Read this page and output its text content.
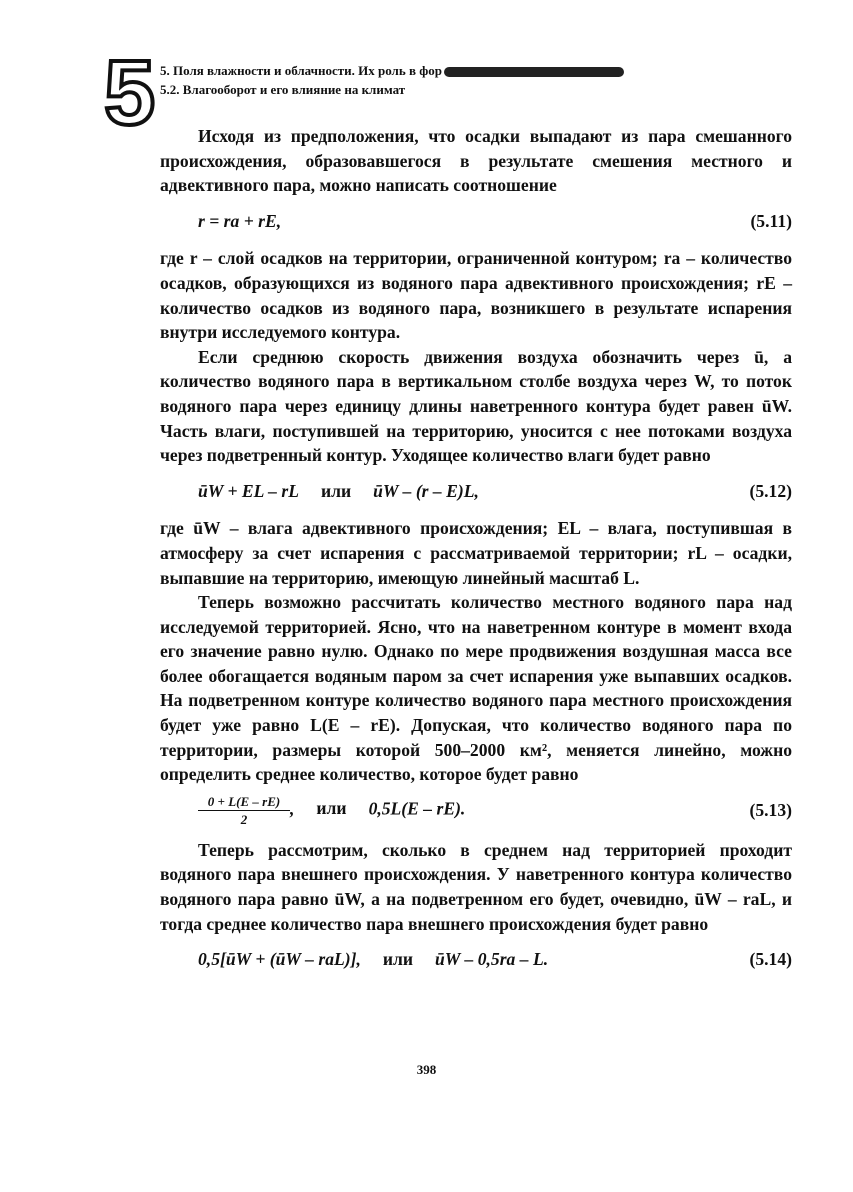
5 5. Поля влажности и облачности. Их роль в фор
5.2. Влагооборот и его влияние на климат

Исходя из предположения, что осадки выпадают из пара смешанного происхождения, образовавшегося в результате смешения местного и адвективного пара, можно написать соотношение

r = rа + rE,	(5.11)

где r – слой осадков на территории, ограниченной контуром; rа – количество осадков, образующихся из водяного пара адвективного происхождения; rE – количество осадков из водяного пара, возникшего в результате испарения внутри исследуемого контура.

Если среднюю скорость движения воздуха обозначить через ū, а количество водяного пара в вертикальном столбе воздуха через W, то поток водяного пара через единицу длины наветренного контура будет равен ūW. Часть влаги, поступившей на территорию, уносится с нее потоками воздуха через подветренный контур. Уходящее количество влаги будет равно

ūW + EL – rL или ūW – (r – E)L,	(5.12)

где ūW – влага адвективного происхождения; EL – влага, поступившая в атмосферу за счет испарения с рассматриваемой территории; rL – осадки, выпавшие на территорию, имеющую линейный масштаб L.

Теперь возможно рассчитать количество местного водяного пара над исследуемой территорией. Ясно, что на наветренном контуре в момент входа его значение равно нулю. Однако по мере продвижения воздушная масса все более обогащается водяным паром за счет испарения уже выпавших осадков. На подветренном контуре количество водяного пара местного происхождения будет уже равно L(E – rE). Допуская, что количество водяного пара по территории, размеры которой 500–2000 км², меняется линейно, можно определить среднее количество, которое будет равно

$\frac{0 + L(E - rE)}{2}$ , или 0,5L(E – rE).	(5.13)

Теперь рассмотрим, сколько в среднем над территорией проходит водяного пара внешнего происхождения. У наветренного контура количество водяного пара равно ūW, а на подветренном его будет, очевидно, ūW – rаL, и тогда среднее количество пара внешнего происхождения будет равно

0,5[ūW + (ūW – rаL)], или ūW – 0,5rа – L.	(5.14)
398
